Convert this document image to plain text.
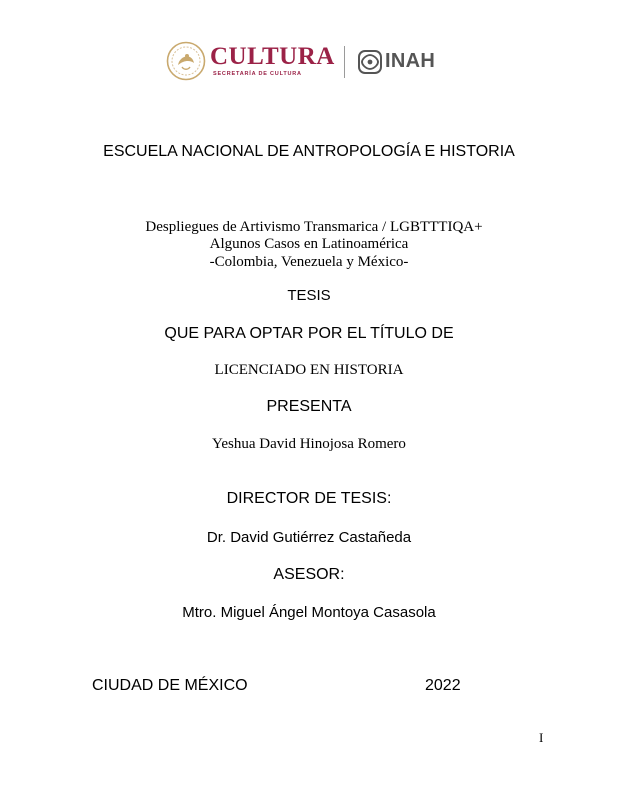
CULTURA
SECRETARÍA DE CULTURA
INAH
ESCUELA NACIONAL DE ANTROPOLOGÍA E HISTORIA
Despliegues de Artivismo Transmarica / LGBTTTIQA+
Algunos Casos en Latinoamérica
-Colombia, Venezuela y México-
TESIS
QUE PARA OPTAR POR EL TÍTULO DE
LICENCIADO EN HISTORIA
PRESENTA
Yeshua David Hinojosa Romero
DIRECTOR DE TESIS:
Dr. David Gutiérrez Castañeda
ASESOR:
Mtro. Miguel Ángel Montoya Casasola
CIUDAD DE MÉXICO	2022
I
